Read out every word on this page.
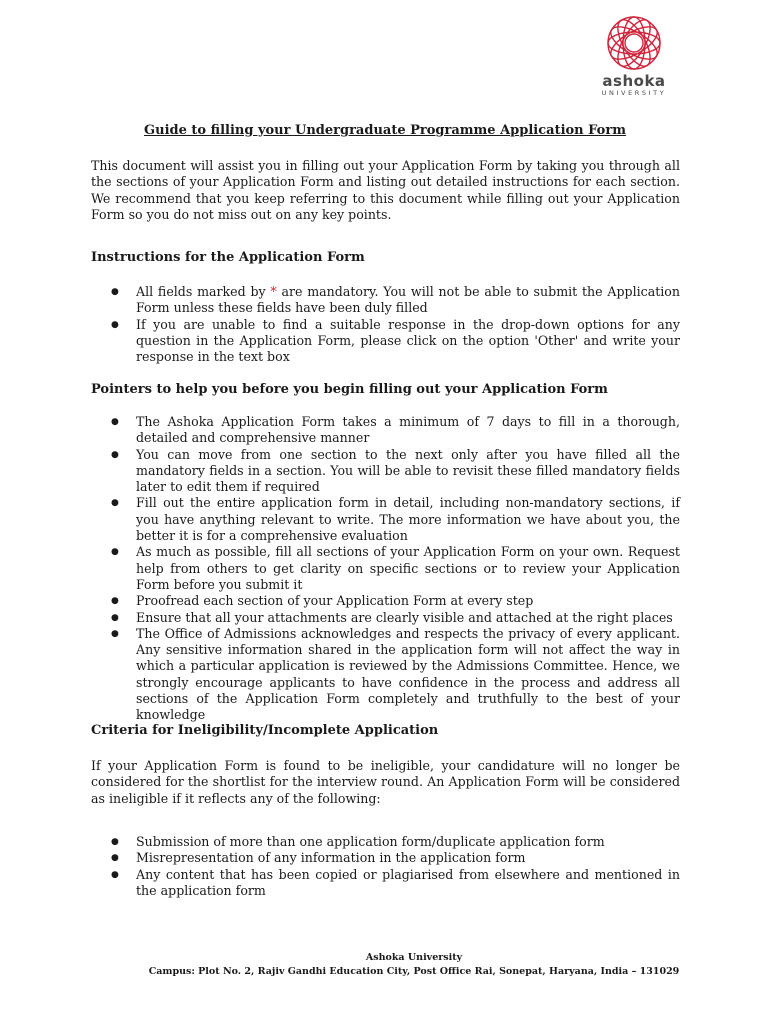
ashoka
UNIVERSITY
Guide to filling your Undergraduate Programme Application Form

This document will assist you in filling out your Application Form by taking you through all the sections of your Application Form and listing out detailed instructions for each section. We recommend that you keep referring to this document while filling out your Application Form so you do not miss out on any key points.

Instructions for the Application Form
● All fields marked by * are mandatory. You will not be able to submit the Application Form unless these fields have been duly filled
● If you are unable to find a suitable response in the drop-down options for any question in the Application Form, please click on the option 'Other' and write your response in the text box
Pointers to help you before you begin filling out your Application Form
● The Ashoka Application Form takes a minimum of 7 days to fill in a thorough, detailed and comprehensive manner
● You can move from one section to the next only after you have filled all the mandatory fields in a section. You will be able to revisit these filled mandatory fields later to edit them if required
● Fill out the entire application form in detail, including non-mandatory sections, if you have anything relevant to write. The more information we have about you, the better it is for a comprehensive evaluation
● As much as possible, fill all sections of your Application Form on your own. Request help from others to get clarity on specific sections or to review your Application Form before you submit it
● Proofread each section of your Application Form at every step
● Ensure that all your attachments are clearly visible and attached at the right places
● The Office of Admissions acknowledges and respects the privacy of every applicant. Any sensitive information shared in the application form will not affect the way in which a particular application is reviewed by the Admissions Committee. Hence, we strongly encourage applicants to have confidence in the process and address all sections of the Application Form completely and truthfully to the best of your knowledge
Criteria for Ineligibility/Incomplete Application

If your Application Form is found to be ineligible, your candidature will no longer be considered for the shortlist for the interview round. An Application Form will be considered as ineligible if it reflects any of the following:

● Submission of more than one application form/duplicate application form
● Misrepresentation of any information in the application form
● Any content that has been copied or plagiarised from elsewhere and mentioned in the application form
Ashoka University
Campus: Plot No. 2, Rajiv Gandhi Education City, Post Office Rai, Sonepat, Haryana, India – 131029
